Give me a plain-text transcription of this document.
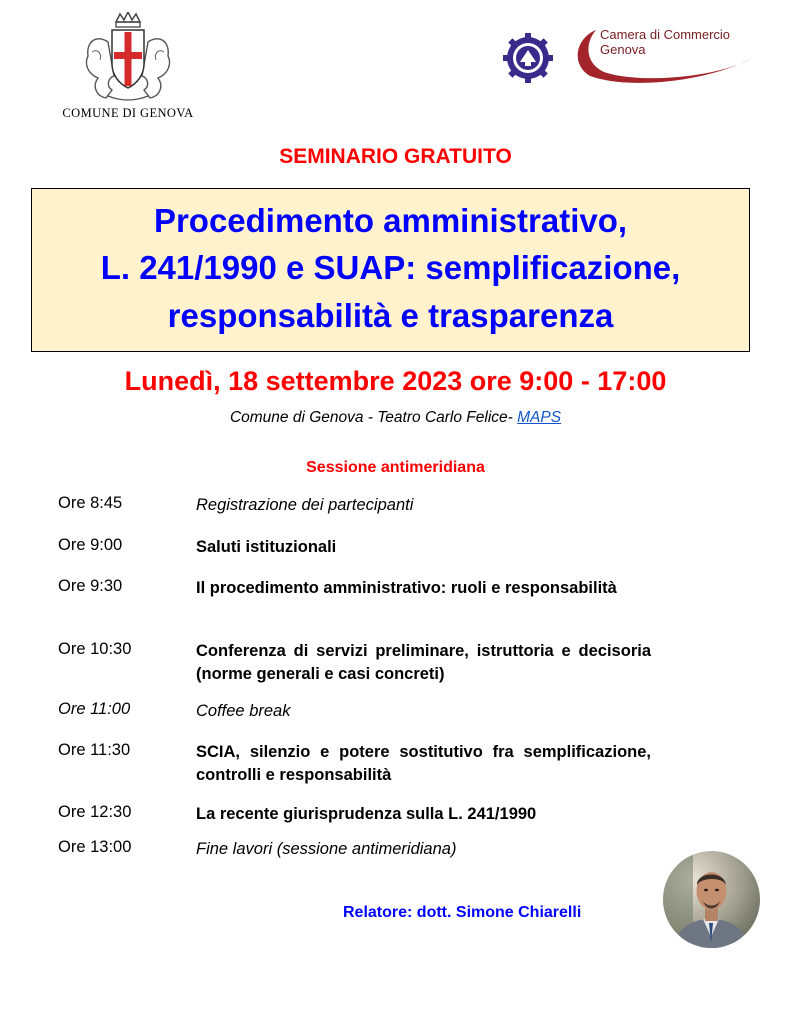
COMUNE DI GENOVA
Camera di Commercio
Genova
SEMINARIO GRATUITO
Procedimento amministrativo,
L. 241/1990 e SUAP: semplificazione,
responsabilità e trasparenza
Lunedì, 18 settembre 2023 ore 9:00 - 17:00
Comune di Genova - Teatro Carlo Felice- MAPS
Sessione antimeridiana
Ore 8:45	Registrazione dei partecipanti
Ore 9:00	Saluti istituzionali
Ore 9:30	Il procedimento amministrativo: ruoli e responsabilità
Ore 10:30	Conferenza di servizi preliminare, istruttoria e decisoria (norme generali e casi concreti)
Ore 11:00	Coffee break
Ore 11:30	SCIA, silenzio e potere sostitutivo fra semplificazione, controlli e responsabilità
Ore 12:30	La recente giurisprudenza sulla L. 241/1990
Ore 13:00	Fine lavori (sessione antimeridiana)
Relatore: dott. Simone Chiarelli
